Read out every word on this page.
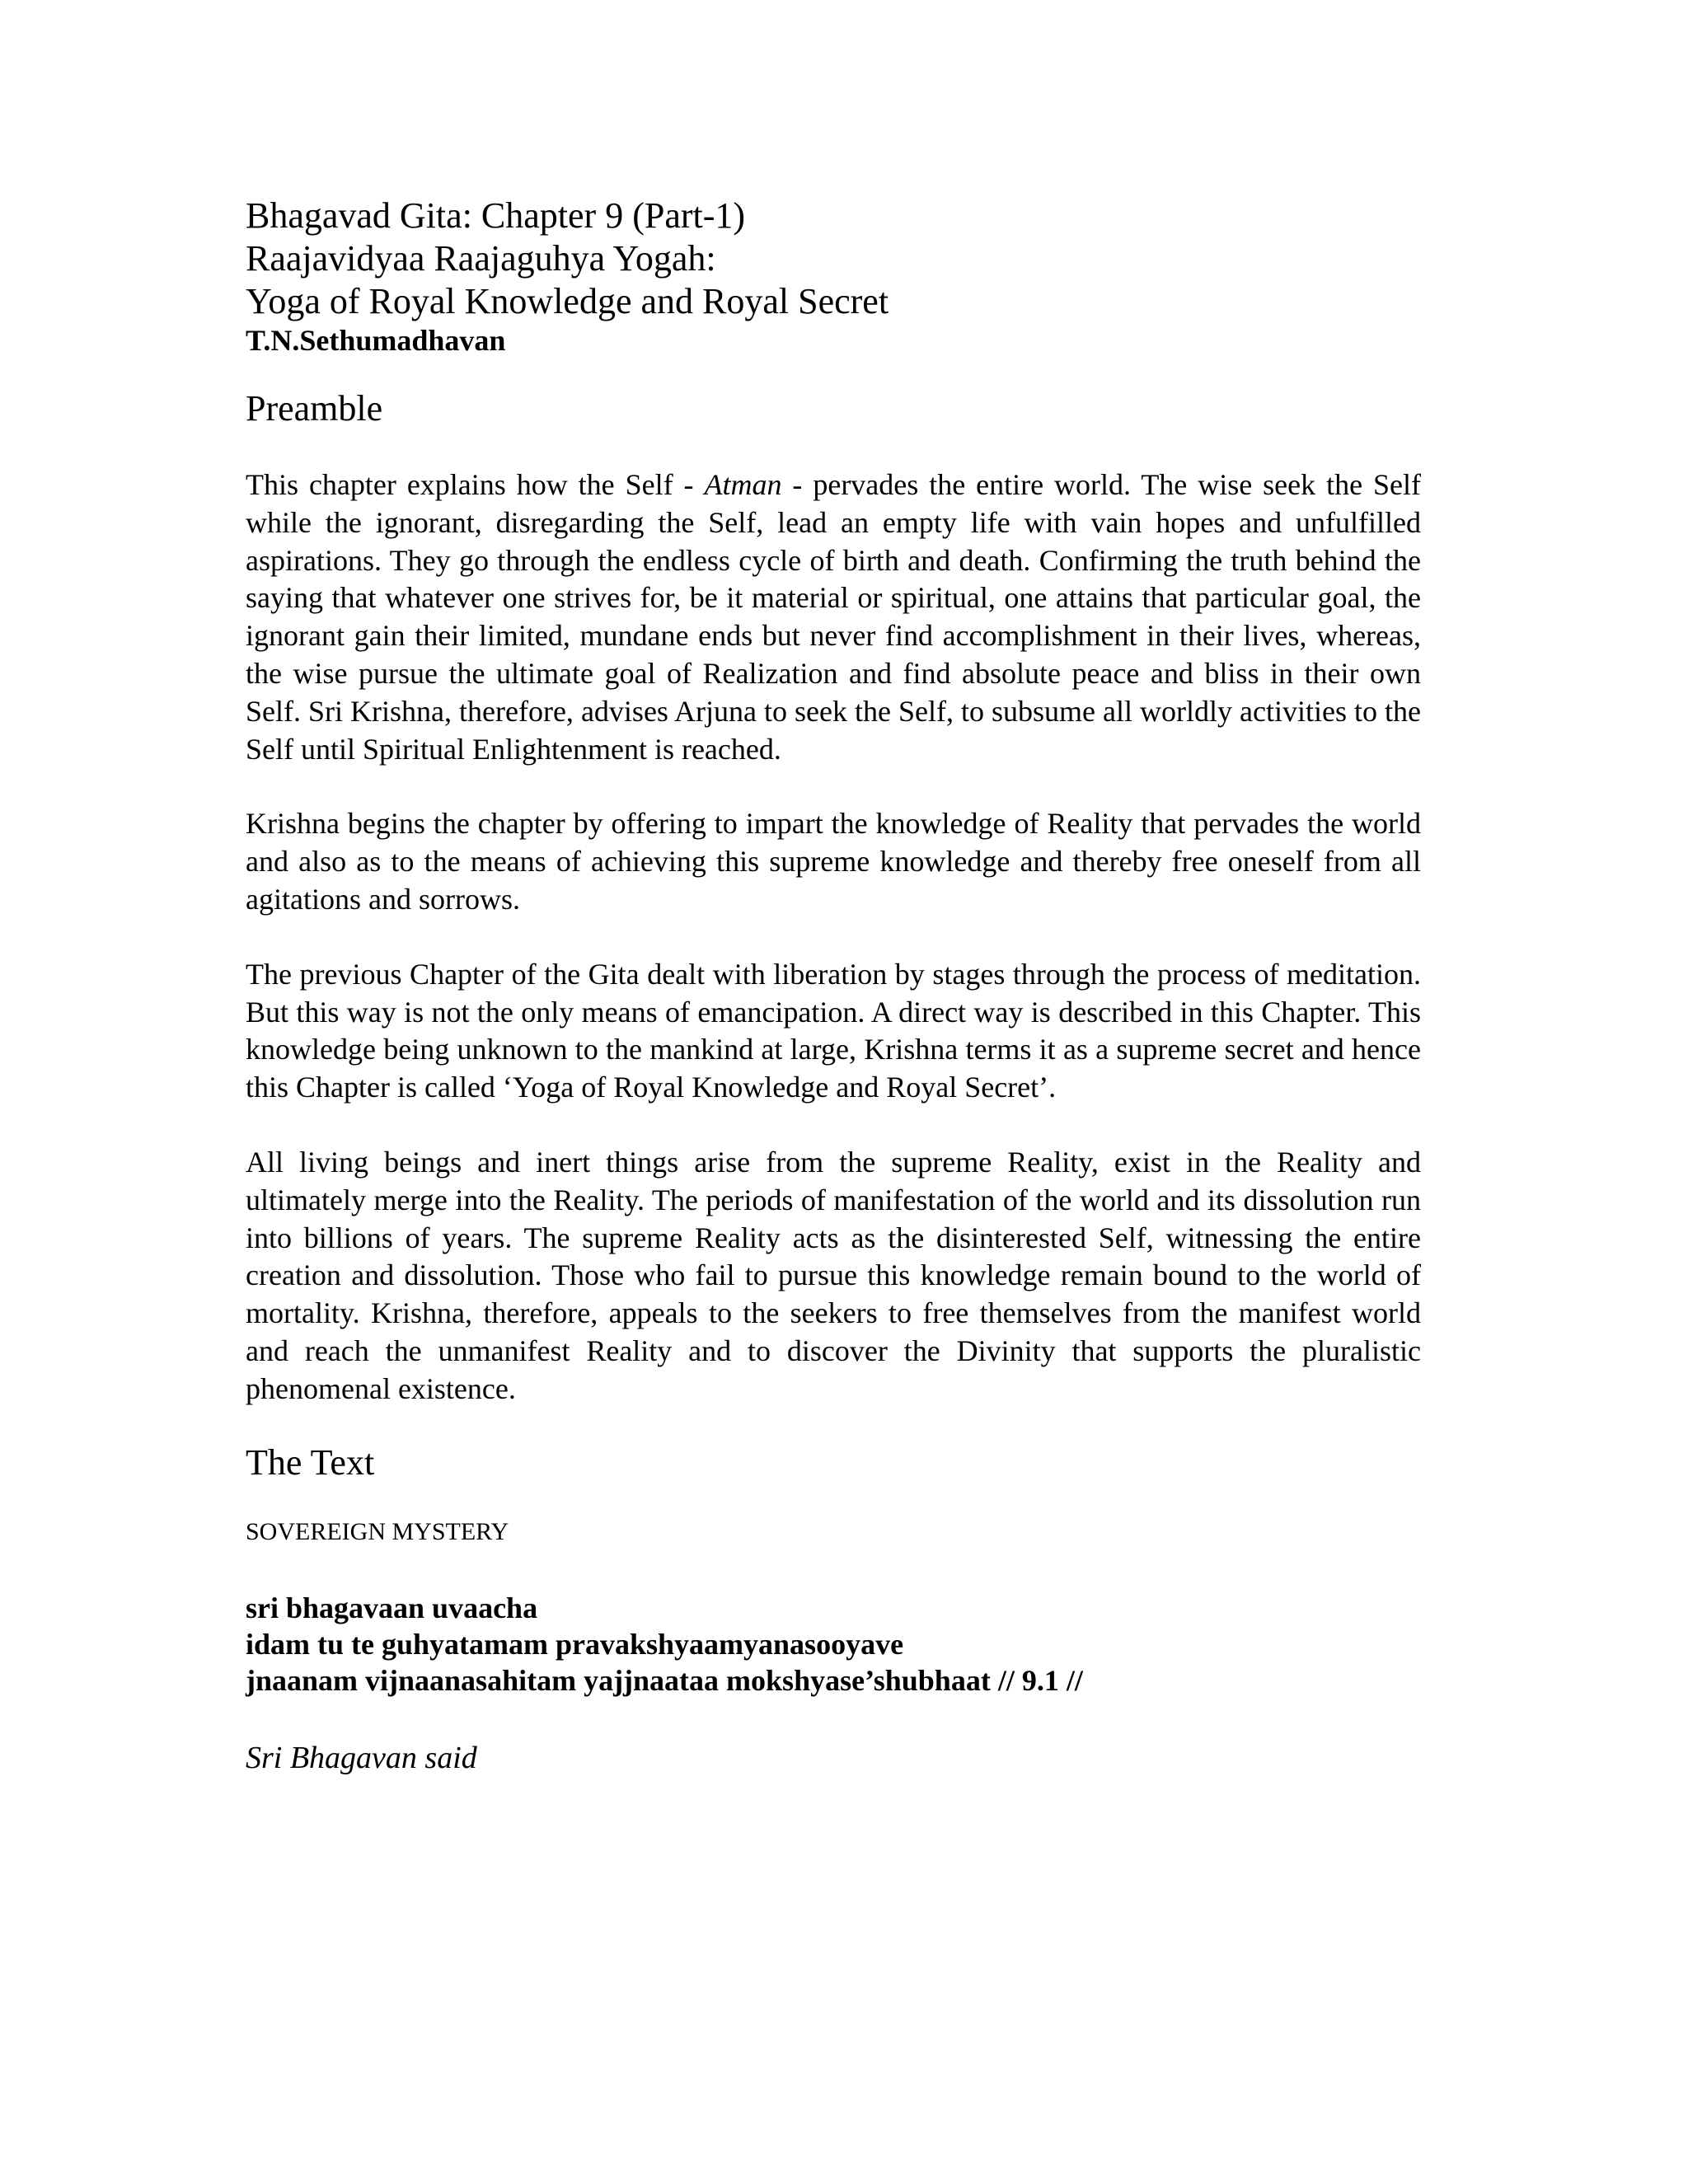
Bhagavad Gita: Chapter 9 (Part-1)

Raajavidyaa Raajaguhya Yogah:

Yoga of Royal Knowledge and Royal Secret

T.N.Sethumadhavan

Preamble

This chapter explains how the Self - Atman - pervades the entire world. The wise seek the Self while the ignorant, disregarding the Self, lead an empty life with vain hopes and unfulfilled aspirations. They go through the endless cycle of birth and death. Confirming the truth behind the saying that whatever one strives for, be it material or spiritual, one attains that particular goal, the ignorant gain their limited, mundane ends but never find accomplishment in their lives, whereas, the wise pursue the ultimate goal of Realization and find absolute peace and bliss in their own Self. Sri Krishna, therefore, advises Arjuna to seek the Self, to subsume all worldly activities to the Self until Spiritual Enlightenment is reached.

Krishna begins the chapter by offering to impart the knowledge of Reality that pervades the world and also as to the means of achieving this supreme knowledge and thereby free oneself from all agitations and sorrows.

The previous Chapter of the Gita dealt with liberation by stages through the process of meditation. But this way is not the only means of emancipation. A direct way is described in this Chapter. This knowledge being unknown to the mankind at large, Krishna terms it as a supreme secret and hence this Chapter is called ‘Yoga of Royal Knowledge and Royal Secret’.

All living beings and inert things arise from the supreme Reality, exist in the Reality and ultimately merge into the Reality. The periods of manifestation of the world and its dissolution run into billions of years. The supreme Reality acts as the disinterested Self, witnessing the entire creation and dissolution. Those who fail to pursue this knowledge remain bound to the world of mortality. Krishna, therefore, appeals to the seekers to free themselves from the manifest world and reach the unmanifest Reality and to discover the Divinity that supports the pluralistic phenomenal existence.

The Text

SOVEREIGN MYSTERY

sri bhagavaan uvaacha

idam tu te guhyatamam pravakshyaamyanasooyave

jnaanam vijnaanasahitam yajjnaataa mokshyase’shubhaat // 9.1 //

Sri Bhagavan said
